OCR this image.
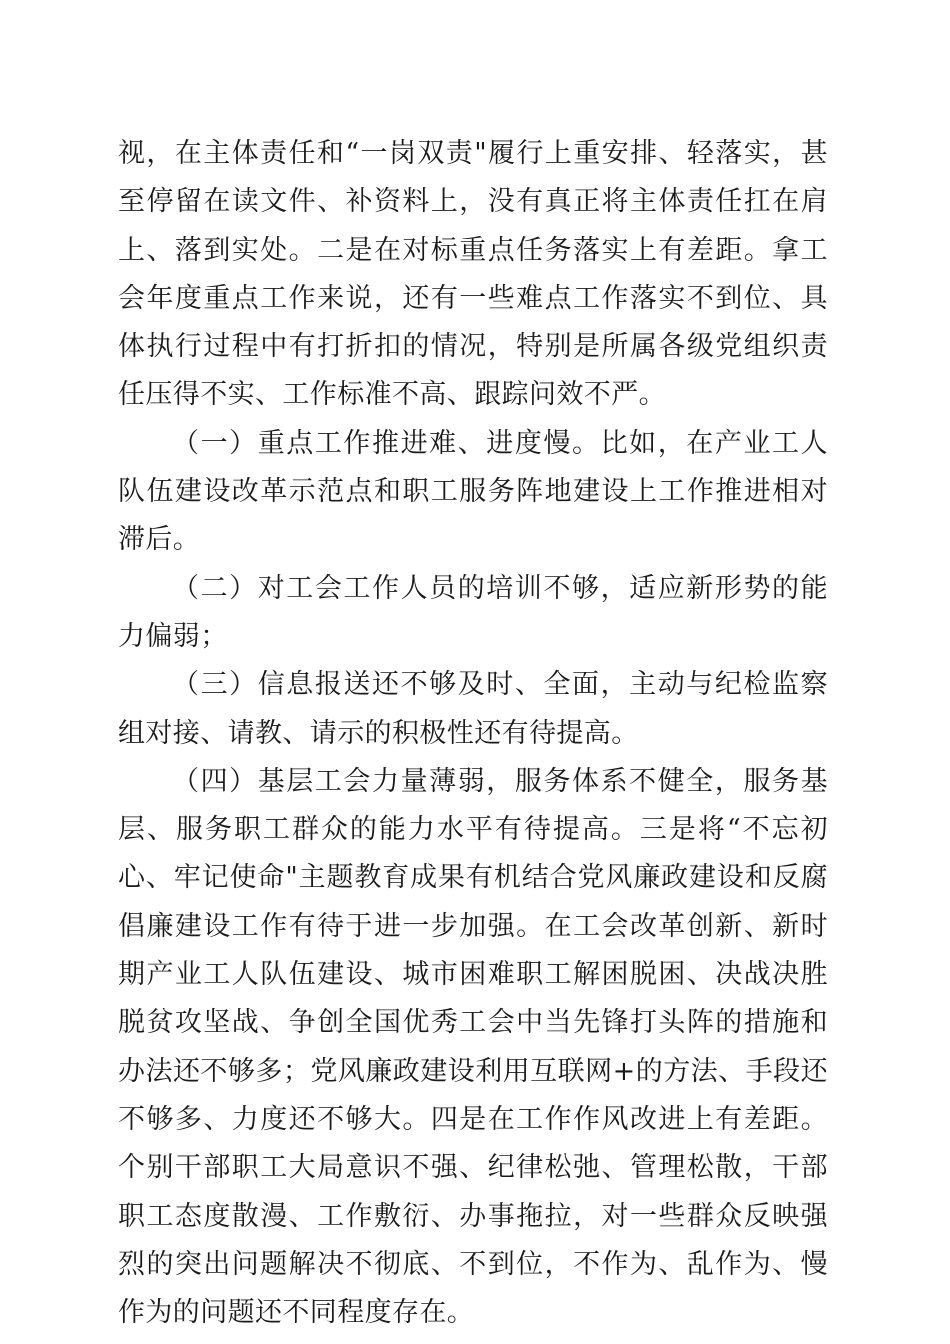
视，在主体责任和“一岗双责"履行上重安排、轻落实，甚至停留在读文件、补资料上，没有真正将主体责任扛在肩上、落到实处。二是在对标重点任务落实上有差距。拿工会年度重点工作来说，还有一些难点工作落实不到位、具体执行过程中有打折扣的情况，特别是所属各级党组织责任压得不实、工作标准不高、跟踪问效不严。

（一）重点工作推进难、进度慢。比如，在产业工人队伍建设改革示范点和职工服务阵地建设上工作推进相对滞后。

（二）对工会工作人员的培训不够，适应新形势的能力偏弱；

（三）信息报送还不够及时、全面，主动与纪检监察组对接、请教、请示的积极性还有待提高。

（四）基层工会力量薄弱，服务体系不健全，服务基层、服务职工群众的能力水平有待提高。三是将“不忘初心、牢记使命"主题教育成果有机结合党风廉政建设和反腐倡廉建设工作有待于进一步加强。在工会改革创新、新时期产业工人队伍建设、城市困难职工解困脱困、决战决胜脱贫攻坚战、争创全国优秀工会中当先锋打头阵的措施和办法还不够多；党风廉政建设利用互联网+的方法、手段还不够多、力度还不够大。四是在工作作风改进上有差距。个别干部职工大局意识不强、纪律松弛、管理松散，干部职工态度散漫、工作敷衍、办事拖拉，对一些群众反映强烈的突出问题解决不彻底、不到位，不作为、乱作为、慢作为的问题还不同程度存在。
